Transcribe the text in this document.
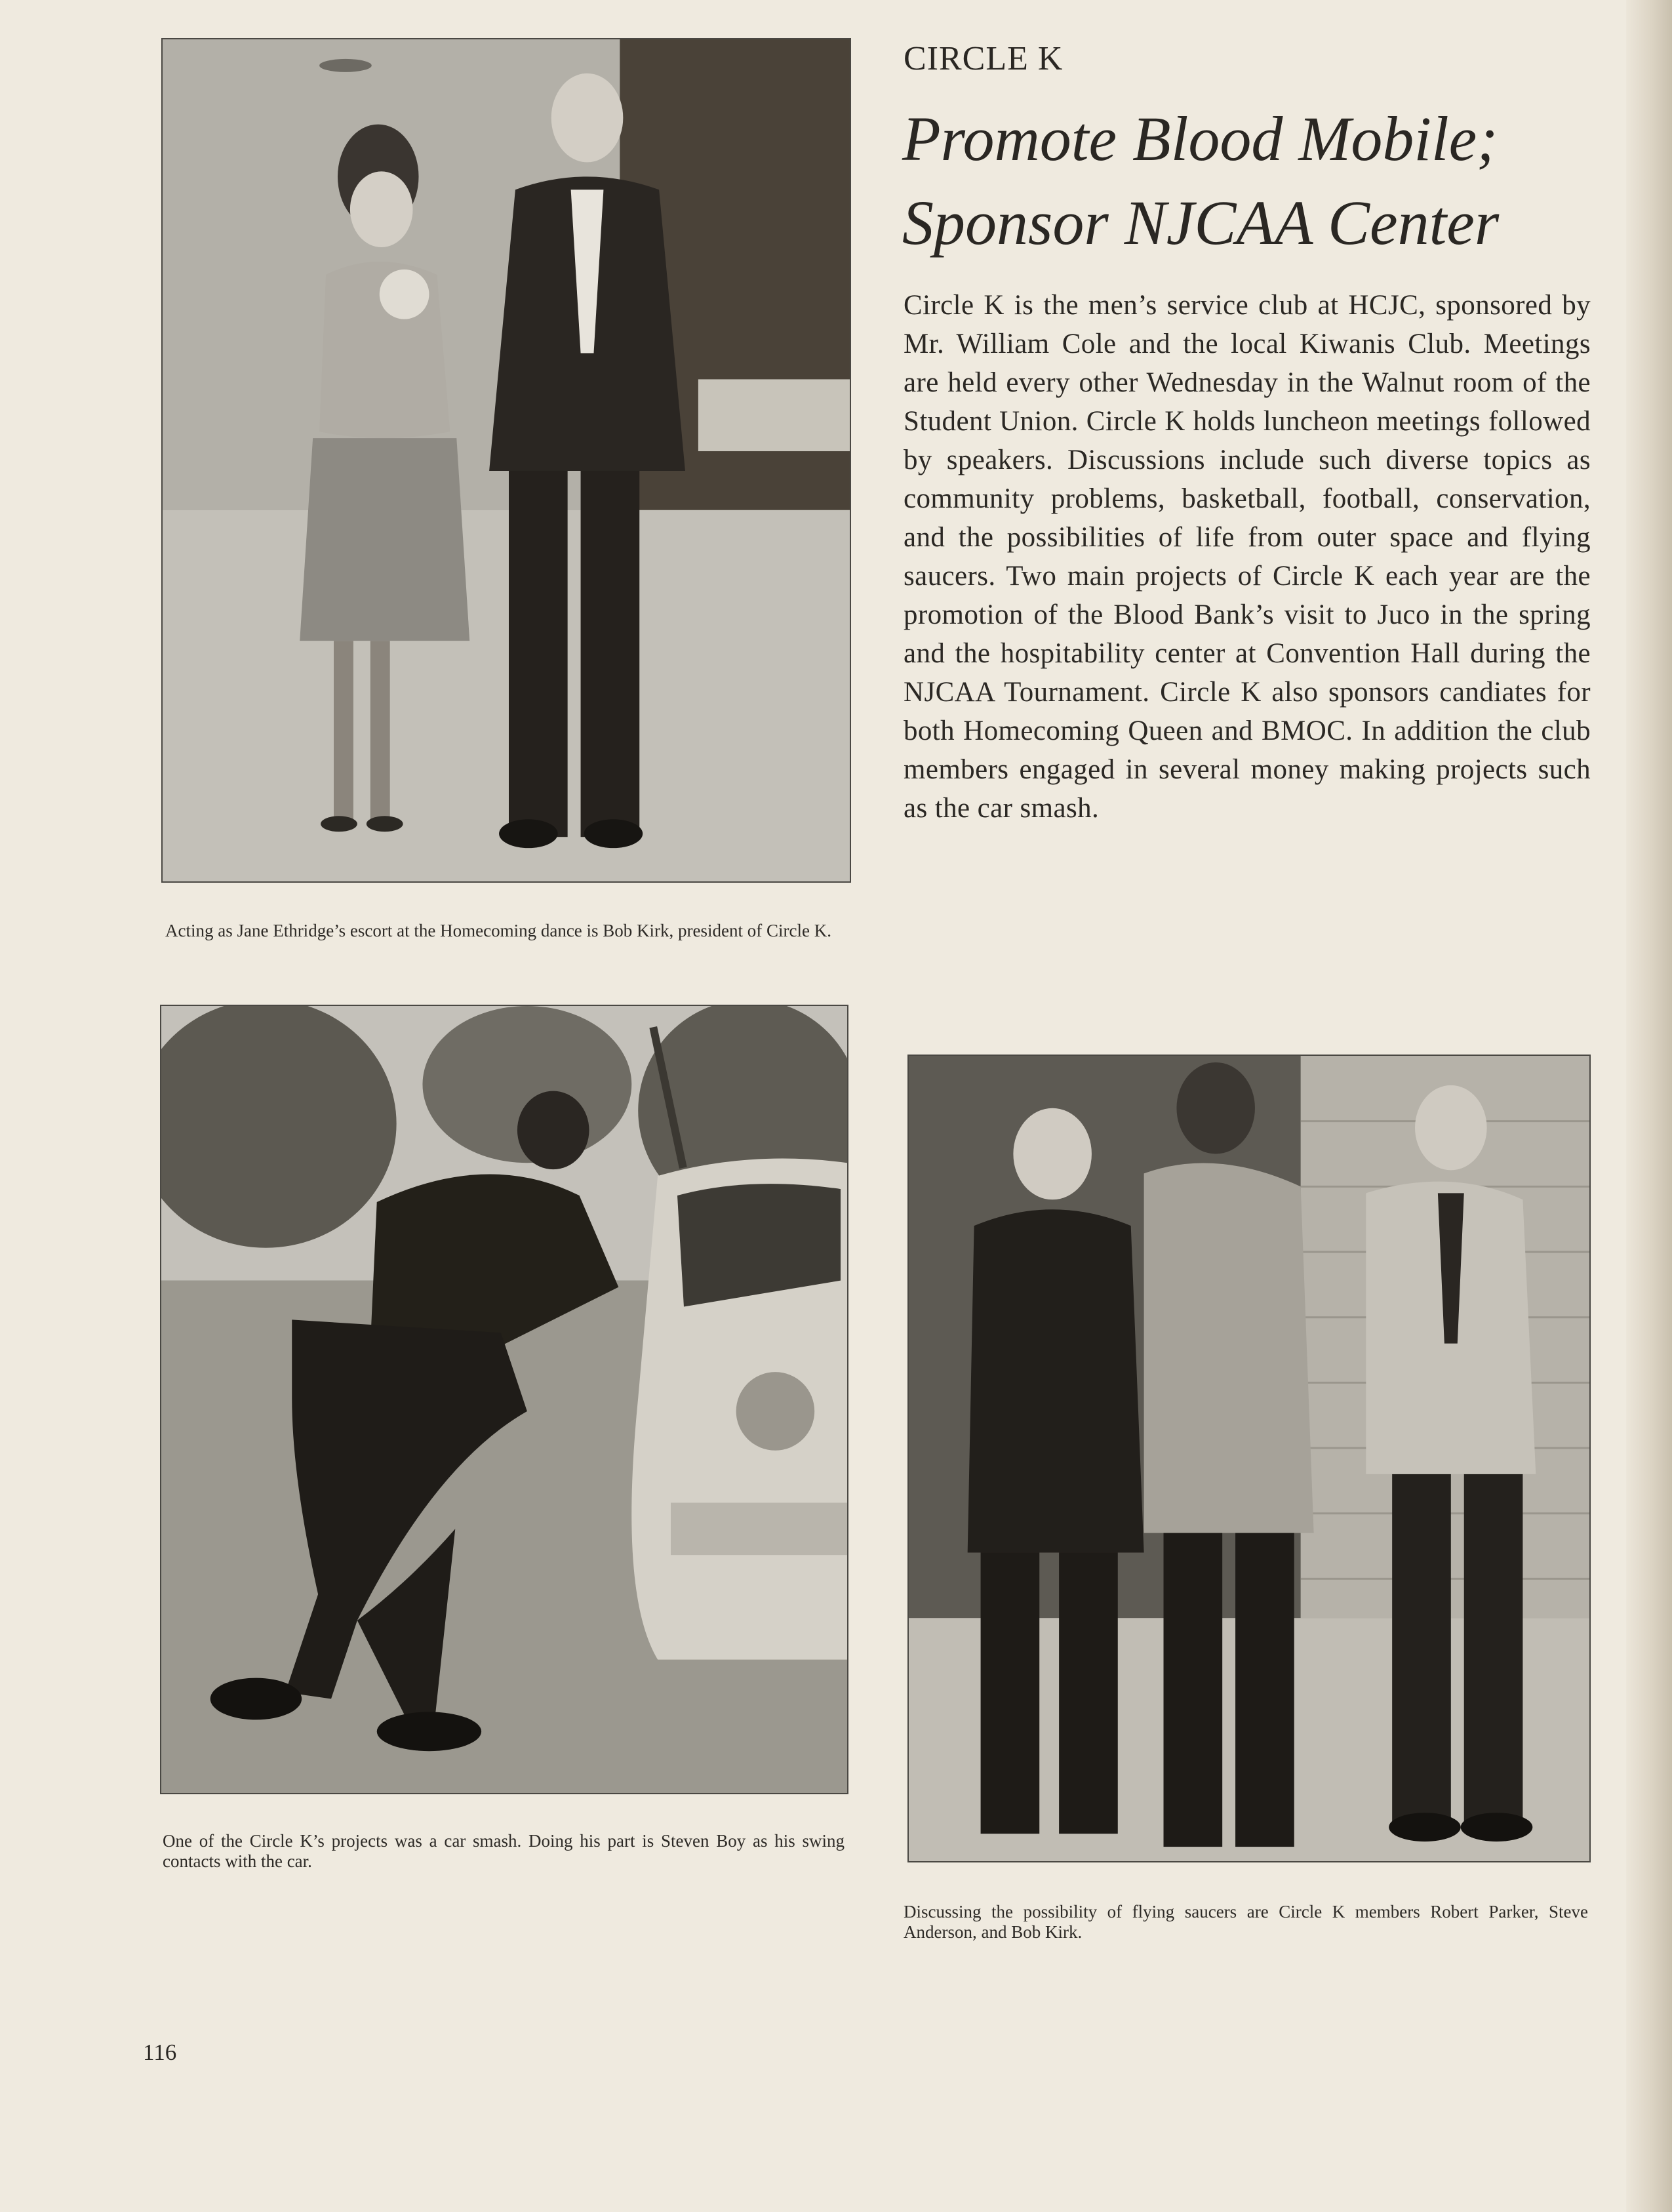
Acting as Jane Ethridge’s escort at the Homecoming dance is Bob Kirk, president of Circle K.
One of the Circle K’s projects was a car smash. Doing his part is Steven Boy as his swing contacts with the car.
Discussing the possibility of flying saucers are Circle K members Robert Parker, Steve Anderson, and Bob Kirk.
CIRCLE K
Promote Blood Mobile;
Sponsor NJCAA Center
Circle K is the men’s service club at HCJC, sponsored by Mr. William Cole and the local Kiwanis Club. Meetings are held every other Wednesday in the Walnut room of the Student Union. Circle K holds luncheon meetings followed by speakers. Discussions include such diverse topics as community problems, basketball, football, conservation, and the possibilities of life from outer space and flying saucers. Two main projects of Circle K each year are the promotion of the Blood Bank’s visit to Juco in the spring and the hospitability center at Convention Hall during the NJCAA Tournament. Circle K also sponsors candiates for both Homecoming Queen and BMOC. In addition the club members engaged in several money making projects such as the car smash.
116
